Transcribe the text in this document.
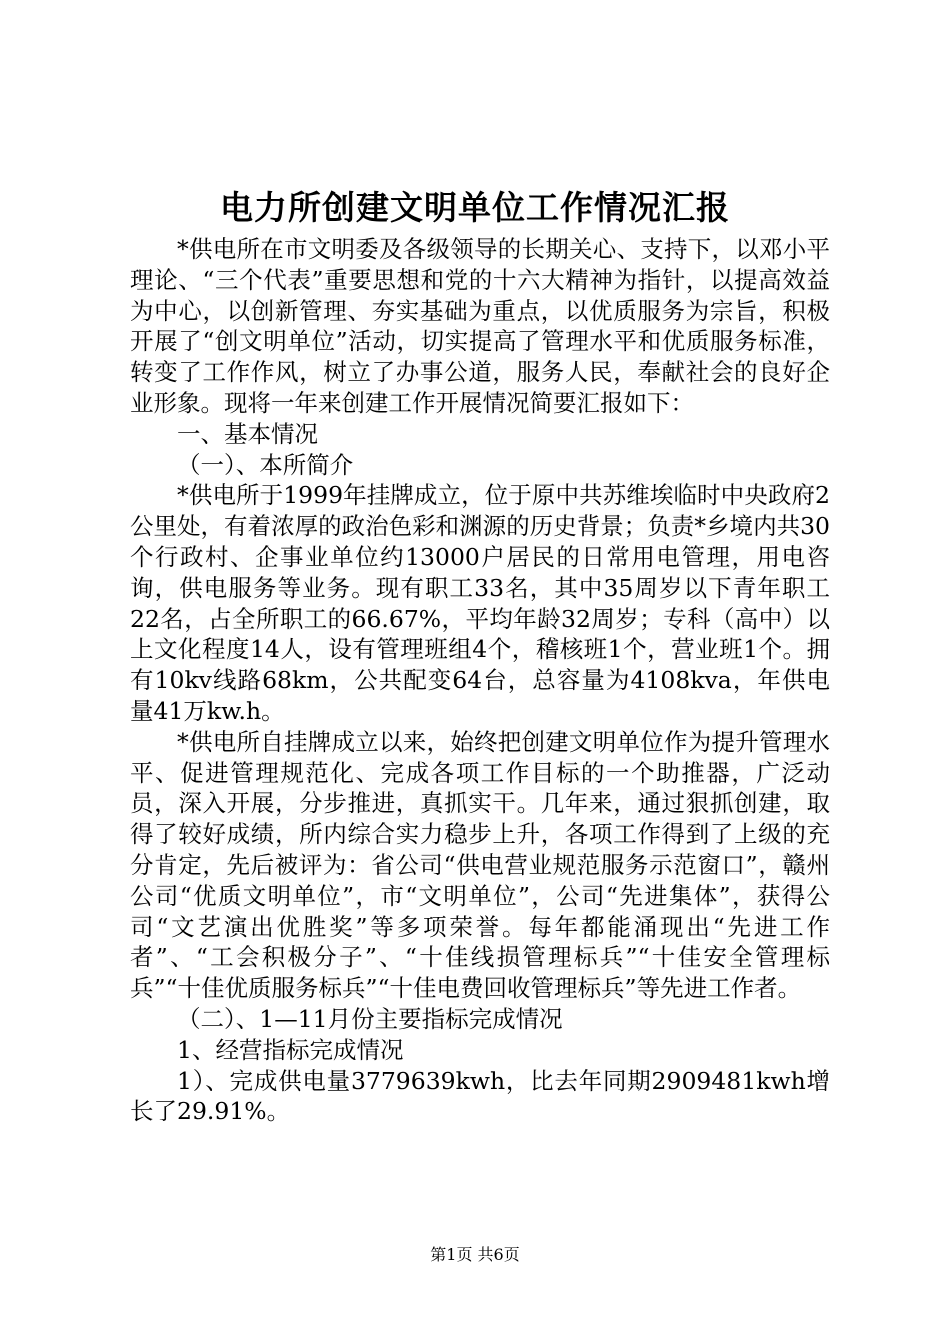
电力所创建文明单位工作情况汇报

*供电所在市文明委及各级领导的长期关心、支持下，以邓小平理论、“三个代表”重要思想和党的十六大精神为指针，以提高效益为中心，以创新管理、夯实基础为重点，以优质服务为宗旨，积极开展了“创文明单位”活动，切实提高了管理水平和优质服务标准，转变了工作作风，树立了办事公道，服务人民，奉献社会的良好企业形象。现将一年来创建工作开展情况简要汇报如下：

一、基本情况

（一）、本所简介

*供电所于1999年挂牌成立，位于原中共苏维埃临时中央政府2公里处，有着浓厚的政治色彩和渊源的历史背景；负责*乡境内共30个行政村、企事业单位约13000户居民的日常用电管理，用电咨询，供电服务等业务。现有职工33名，其中35周岁以下青年职工22名，占全所职工的66.67%，平均年龄32周岁；专科（高中）以上文化程度14人，设有管理班组4个，稽核班1个，营业班1个。拥有10kv线路68km，公共配变64台，总容量为4108kva，年供电量41万kw.h。

*供电所自挂牌成立以来，始终把创建文明单位作为提升管理水平、促进管理规范化、完成各项工作目标的一个助推器，广泛动员，深入开展，分步推进，真抓实干。几年来，通过狠抓创建，取得了较好成绩，所内综合实力稳步上升，各项工作得到了上级的充分肯定，先后被评为：省公司“供电营业规范服务示范窗口”，赣州公司“优质文明单位”，市“文明单位”，公司“先进集体”，获得公司“文艺演出优胜奖”等多项荣誉。每年都能涌现出“先进工作者”、“工会积极分子”、“十佳线损管理标兵”“十佳安全管理标兵”“十佳优质服务标兵”“十佳电费回收管理标兵”等先进工作者。

（二）、1—11月份主要指标完成情况

1、经营指标完成情况

1）、完成供电量3779639kwh，比去年同期2909481kwh增长了29.91%。

第1页 共6页
